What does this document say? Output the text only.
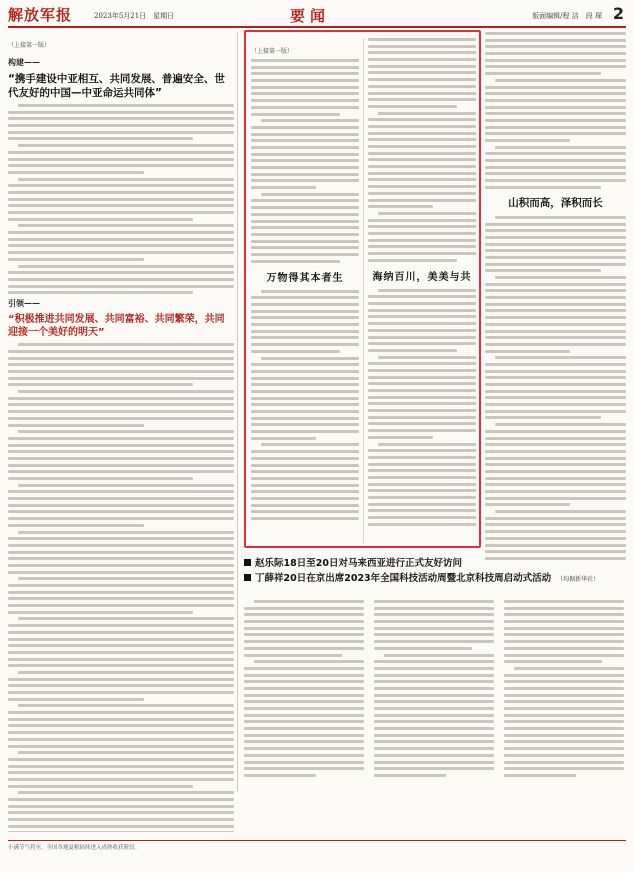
解放军报	2023年5月21日　星期日	要闻	版面编辑/程 洁　段 琛 2
（上接第一版）
构建——
“携手建设中亚相互、共同发展、普遍安全、世代友好的中国—中亚命运共同体”
引领——
“积极推进共同发展、共同富裕、共同繁荣，共同迎接一个美好的明天”
（上接第一版）
万物得其本者生	海纳百川，美美与共
山积而高，泽积而长
赵乐际18日至20日对马来西亚进行正式友好访问
丁薛祥20日在京出席2023年全国科技活动周暨北京科技周启动式活动 （均据新华社）
小满节气将至，全国各地夏粮陆续进入成熟收获阶段。
